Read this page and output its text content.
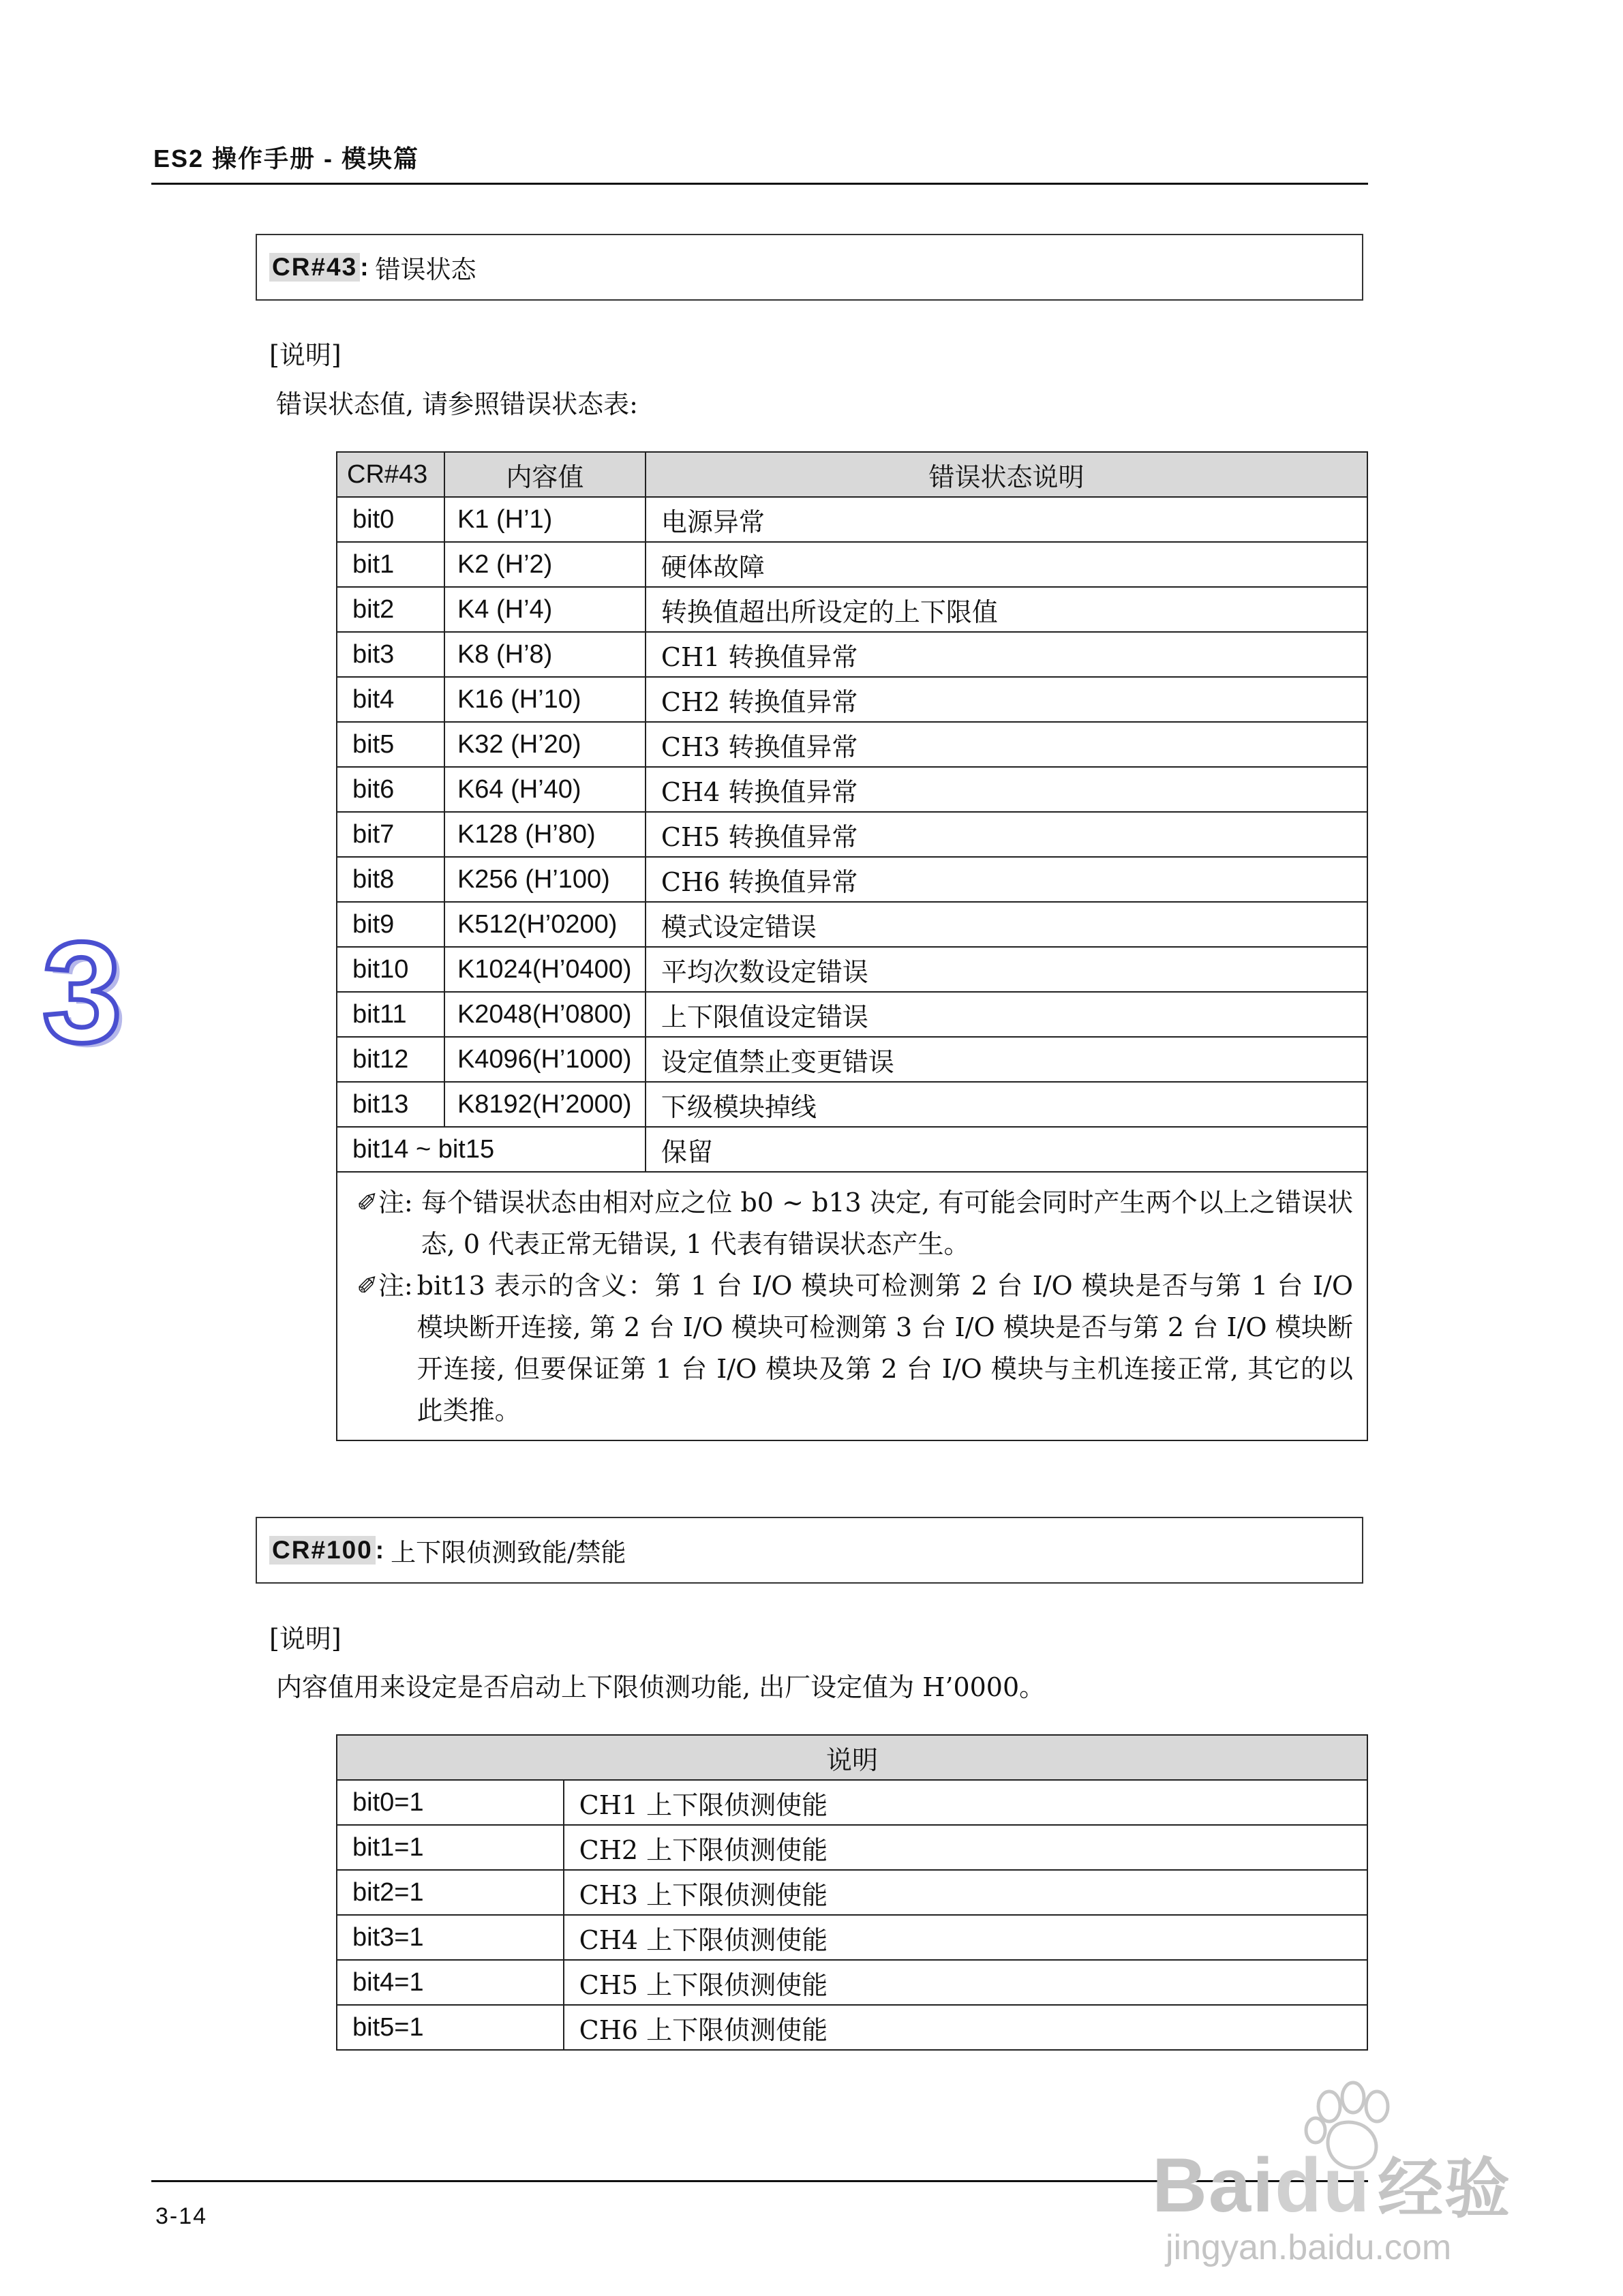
ES2 操作手册 - 模块篇
3
CR#43 : 错误状态
[说明]
错误状态值, 请参照错误状态表:
CR#43	内容值	错误状态说明
bit0	K1 (H’1)	电源异常
bit1	K2 (H’2)	硬体故障
bit2	K4 (H’4)	转换值超出所设定的上下限值
bit3	K8 (H’8)	CH1 转换值异常
bit4	K16 (H’10)	CH2 转换值异常
bit5	K32 (H’20)	CH3 转换值异常
bit6	K64 (H’40)	CH4 转换值异常
bit7	K128 (H’80)	CH5 转换值异常
bit8	K256 (H’100)	CH6 转换值异常
bit9	K512(H’0200)	模式设定错误
bit10	K1024(H’0400)	平均次数设定错误
bit11	K2048(H’0800)	上下限值设定错误
bit12	K4096(H’1000)	设定值禁止变更错误
bit13	K8192(H’2000)	下级模块掉线
bit14 ~ bit15		保留

✐注: 每个错误状态由相对应之位 b0 ~ b13 决定, 有可能会同时产生两个以上之错误状态, 0 代表正常无错误, 1 代表有错误状态产生。
✐注: bit13 表示的含义：第 1 台 I/O 模块可检测第 2 台 I/O 模块是否与第 1 台 I/O 模块断开连接, 第 2 台 I/O 模块可检测第 3 台 I/O 模块是否与第 2 台 I/O 模块断开连接, 但要保证第 1 台 I/O 模块及第 2 台 I/O 模块与主机连接正常, 其它的以此类推。		
CR#100 : 上下限侦测致能/禁能
[说明]
内容值用来设定是否启动上下限侦测功能, 出厂设定值为 H’0000。
说明	
bit0=1	CH1 上下限侦测使能
bit1=1	CH2 上下限侦测使能
bit2=1	CH3 上下限侦测使能
bit3=1	CH4 上下限侦测使能
bit4=1	CH5 上下限侦测使能
bit5=1	CH6 上下限侦测使能
3-14	Baidu 经验
jingyan.baidu.com
